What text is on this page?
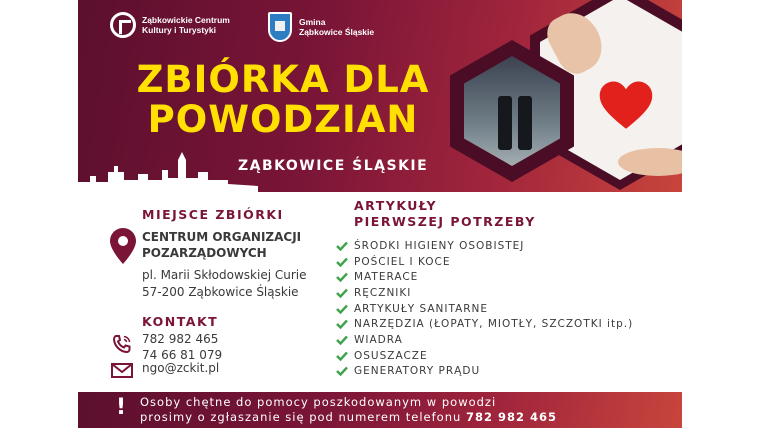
Ząbkowickie Centrum
Kultury i Turystyki
Gmina
Ząbkowice Śląskie
ZBIÓRKA DLA
POWODZIAN
ZĄBKOWICE ŚLĄSKIE
MIEJSCE ZBIÓRKI
CENTRUM ORGANIZACJI
POZARZĄDOWYCH
pl. Marii Skłodowskiej Curie
57-200 Ząbkowice Śląskie
KONTAKT
782 982 465
74 66 81 079
ngo@zckit.pl
ARTYKUŁY
PIERWSZEJ POTRZEBY
ŚRODKI HIGIENY OSOBISTEJ
POŚCIEL I KOCE
MATERACE
RĘCZNIKI
ARTYKUŁY SANITARNE
NARZĘDZIA (ŁOPATY, MIOTŁY, SZCZOTKI itp.)
WIADRA
OSUSZACZE
GENERATORY PRĄDU
! Osoby chętne do pomocy poszkodowanym w powodzi
prosimy o zgłaszanie się pod numerem telefonu 782 982 465
